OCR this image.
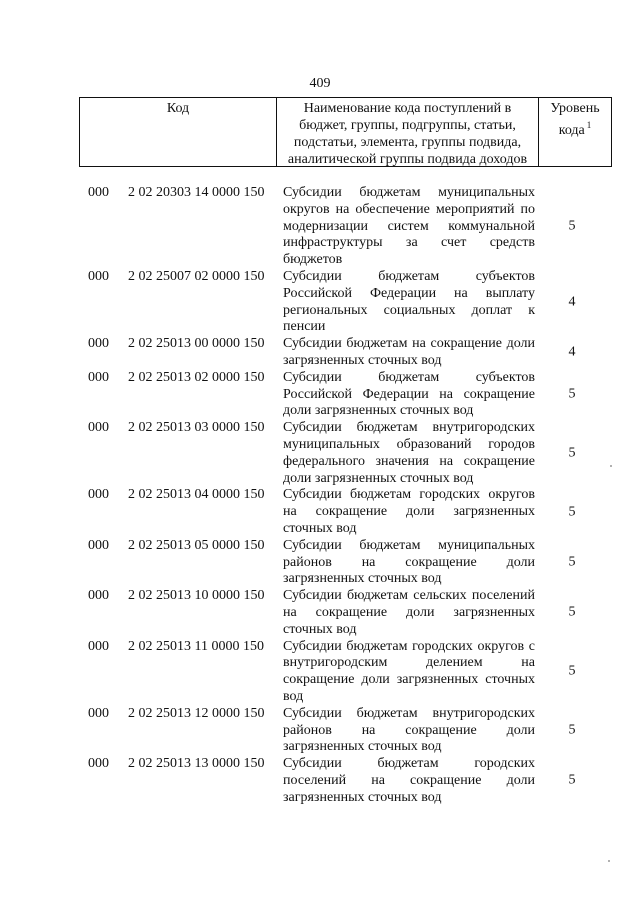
409
Код	Наименование кода поступлений в бюджет, группы, подгруппы, статьи, подстатьи, элемента, группы подвида, аналитической группы подвида доходов
Уровень
кода $^1$
000 2 02 20303 14 0000 150 Субсидии бюджетам муниципальных округов на обеспечение мероприятий по модернизации систем коммунальной инфраструктуры за счет средств бюджетов
5
000 2 02 25007 02 0000 150 Субсидии бюджетам субъектов Российской Федерации на выплату региональных социальных доплат к пенсии
4
000 2 02 25013 00 0000 150 Субсидии бюджетам на сокращение доли загрязненных сточных вод
4
000 2 02 25013 02 0000 150 Субсидии бюджетам субъектов Российской Федерации на сокращение доли загрязненных сточных вод
5
000 2 02 25013 03 0000 150 Субсидии бюджетам внутригородских муниципальных образований городов федерального значения на сокращение доли загрязненных сточных вод
5
000 2 02 25013 04 0000 150 Субсидии бюджетам городских округов на сокращение доли загрязненных сточных вод
5
000 2 02 25013 05 0000 150 Субсидии бюджетам муниципальных районов на сокращение доли загрязненных сточных вод
5
000 2 02 25013 10 0000 150 Субсидии бюджетам сельских поселений на сокращение доли загрязненных сточных вод
5
000 2 02 25013 11 0000 150 Субсидии бюджетам городских округов с внутригородским делением на сокращение доли загрязненных сточных вод
5
000 2 02 25013 12 0000 150 Субсидии бюджетам внутригородских районов на сокращение доли загрязненных сточных вод
5
000 2 02 25013 13 0000 150 Субсидии бюджетам городских поселений на сокращение доли загрязненных сточных вод
5
